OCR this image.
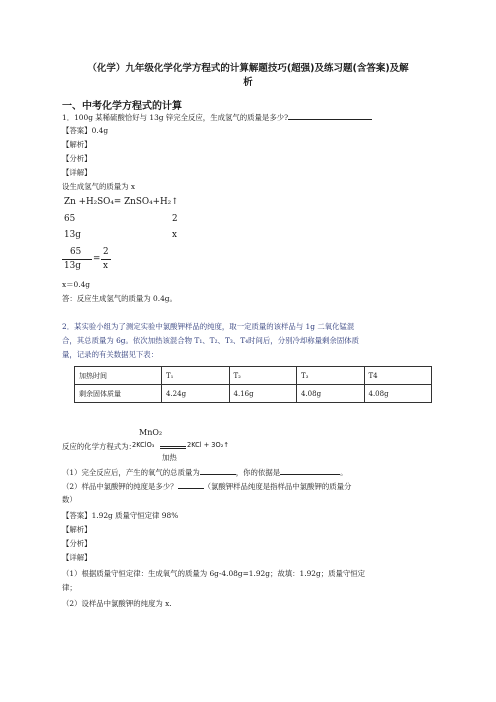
（化学）九年级化学化学方程式的计算解题技巧(超强)及练习题(含答案)及解
析
一、中考化学方程式的计算
1．100g 某稀硫酸恰好与 13g 锌完全反应，生成氢气的质量是多少?
【答案】0.4g
【解析】
【分析】
【详解】
设生成氢气的质量为 x
Zn +H₂SO₄= ZnSO₄+H₂↑
65	2
13g	x
65
13g
=
2
x
x＝0.4g
答：反应生成氢气的质量为 0.4g。
2．某实验小组为了测定实验中氯酸钾样品的纯度，取一定质量的该样品与 1g 二氧化锰混
合，其总质量为 6g。依次加热该混合物 T₁、T₂、T₃、T₄时间后，分别冷却称量剩余固体质
量，记录的有关数据见下表：
加热时间	T₁	T₂	T₃	T4
剩余固体质量	4.24g	4.16g	4.08g	4.08g
MnO₂
反应的化学方程式为：
2KClO₃	2KCl + 3O₂↑
加热
（1）完全反应后，产生的氧气的总质量为	，你的依据是	。
（2）样品中氯酸钾的纯度是多少？	（氯酸钾样品纯度是指样品中氯酸钾的质量分
数）
【答案】1.92g 质量守恒定律 98%
【解析】
【分析】
【详解】
（1）根据质量守恒定律：生成氧气的质量为 6g-4.08g=1.92g；故填：1.92g；质量守恒定
律；
（2）设样品中氯酸钾的纯度为 x.
